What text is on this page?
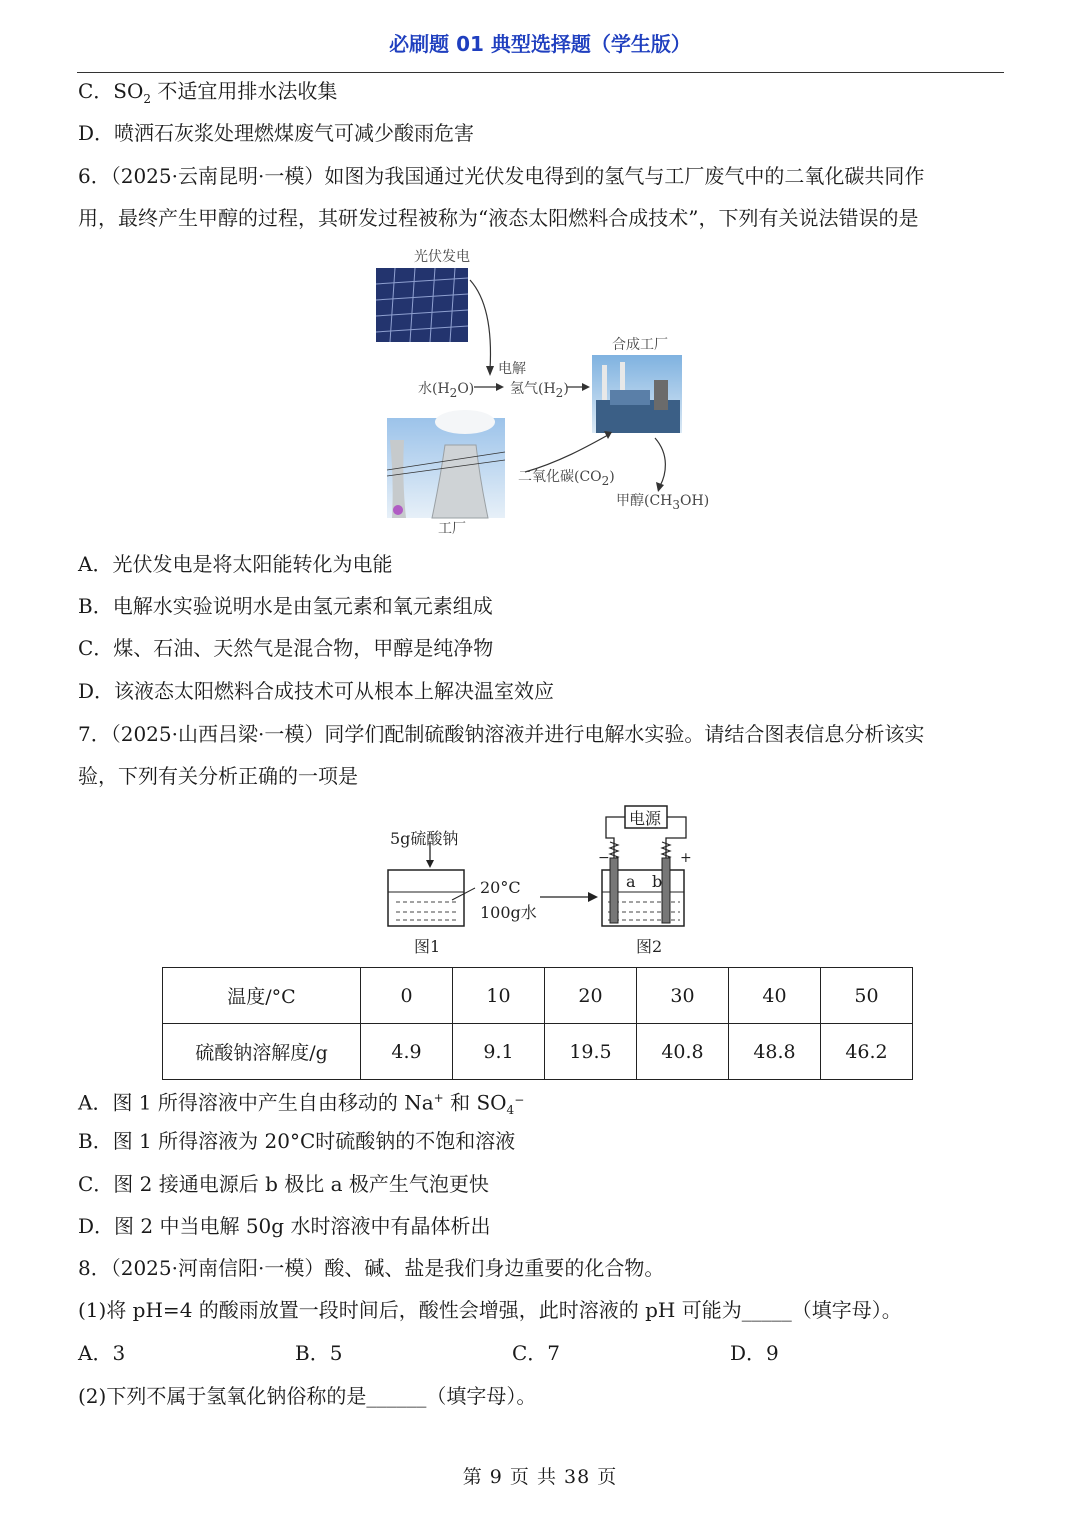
必刷题 01 典型选择题（学生版）
C．$SO_2$ 不适宜用排水法收集
D．喷洒石灰浆处理燃煤废气可减少酸雨危害
6．（2025·云南昆明·一模）如图为我国通过光伏发电得到的氢气与工厂废气中的二氧化碳共同作
用，最终产生甲醇的过程，其研发过程被称为“液态太阳燃料合成技术”，下列有关说法错误的是
光伏发电
电解
水$(H_2O)$	氢气$(H_2)$
合成工厂
二氧化碳$(CO_2)$
甲醇$(CH_3OH)$
工厂
A．光伏发电是将太阳能转化为电能
B．电解水实验说明水是由氢元素和氧元素组成
C．煤、石油、天然气是混合物，甲醇是纯净物
D．该液态太阳燃料合成技术可从根本上解决温室效应
7．（2025·山西吕梁·一模）同学们配制硫酸钠溶液并进行电解水实验。请结合图表信息分析该实
验，下列有关分析正确的一项是
5g硫酸钠
20°C
100g水
图1
电源
−	+
a b
图2
温度/°C	0	10	20	30	40	50
硫酸钠溶解度/g	4.9	9.1	19.5	40.8	48.8	46.2
A．图 1 所得溶液中产生自由移动的 Na+ 和 $SO_4^-$
B．图 1 所得溶液为 20°C时硫酸钠的不饱和溶液
C．图 2 接通电源后 b 极比 a 极产生气泡更快
D．图 2 中当电解 50g 水时溶液中有晶体析出
8．（2025·河南信阳·一模）酸、碱、盐是我们身边重要的化合物。
(1)将 pH=4 的酸雨放置一段时间后，酸性会增强，此时溶液的 pH 可能为_____（填字母）。
A．3	B．5	C．7	D．9
(2)下列不属于氢氧化钠俗称的是______（填字母）。
第 9 页 共 38 页
